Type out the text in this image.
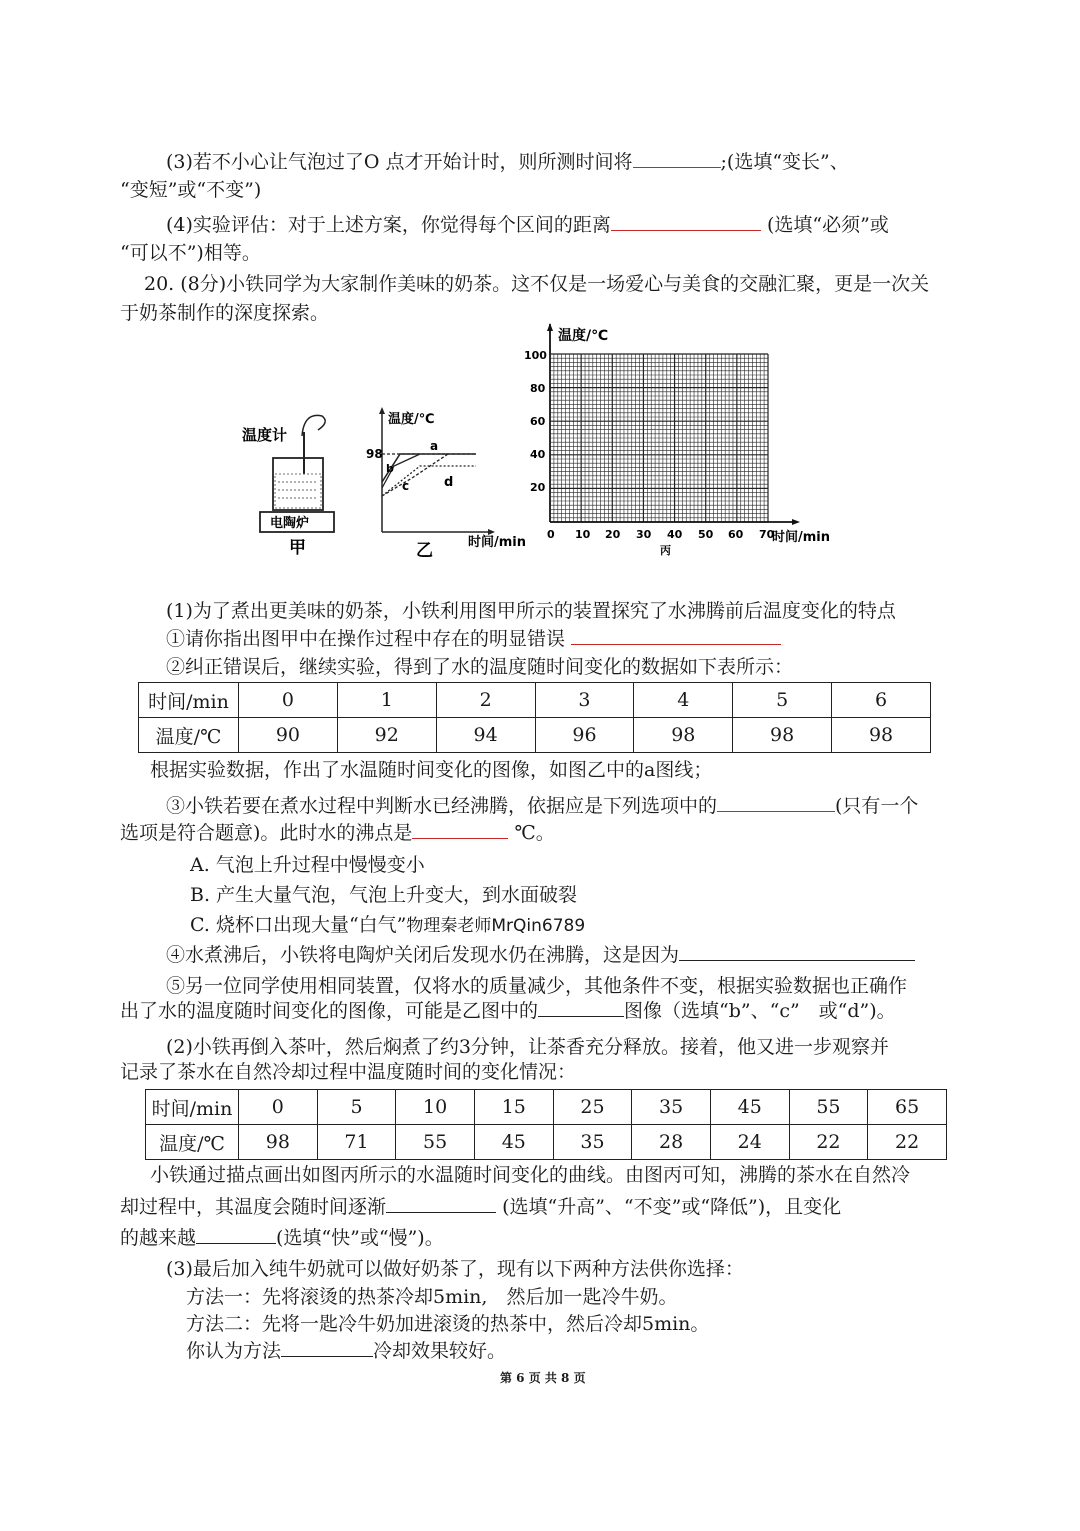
(3)若不小心让气泡过了O 点才开始计时，则所测时间将	;(选填“变长”、
“变短”或“不变”)
(4)实验评估：对于上述方案，你觉得每个区间的距离	(选填“必须”或
“可以不”)相等。
20. (8分)小铁同学为大家制作美味的奶茶。这不仅是一场爱心与美食的交融汇聚，更是一次关
于奶茶制作的深度探索。
温度计
电陶炉
甲
温度/℃
98
a
b
c	d
时间/min
乙
温度/℃
100
80
60
40
20
0 10 20 30 40 50 60 70
时间/min
丙
(1)为了煮出更美味的奶茶，小铁利用图甲所示的装置探究了水沸腾前后温度变化的特点
①请你指出图甲中在操作过程中存在的明显错误
②纠正错误后，继续实验，得到了水的温度随时间变化的数据如下表所示：
时间/min	0	1	2	3	4	5	6
温度/℃	90	92	94	96	98	98	98
根据实验数据，作出了水温随时间变化的图像，如图乙中的a图线；
③小铁若要在煮水过程中判断水已经沸腾，依据应是下列选项中的	(只有一个
选项是符合题意)。此时水的沸点是	℃。
A. 气泡上升过程中慢慢变小
B. 产生大量气泡，气泡上升变大，到水面破裂
C. 烧杯口出现大量“白气”物理秦老师MrQin6789
④水煮沸后，小铁将电陶炉关闭后发现水仍在沸腾，这是因为
⑤另一位同学使用相同装置，仅将水的质量减少，其他条件不变，根据实验数据也正确作
出了水的温度随时间变化的图像，可能是乙图中的	图像（选填“b”、“c”　或“d”)。
(2)小铁再倒入茶叶，然后焖煮了约3分钟，让茶香充分释放。接着，他又进一步观察并
记录了茶水在自然冷却过程中温度随时间的变化情况：
时间/min	0	5	10	15	25	35	45	55	65
温度/℃	98	71	55	45	35	28	24	22	22
小铁通过描点画出如图丙所示的水温随时间变化的曲线。由图丙可知，沸腾的茶水在自然冷
却过程中，其温度会随时间逐渐	(选填“升高”、“不变”或“降低”)，且变化
的越来越	(选填“快”或“慢”)。
(3)最后加入纯牛奶就可以做好奶茶了，现有以下两种方法供你选择：
方法一：先将滚烫的热茶冷却5min,　然后加一匙冷牛奶。
方法二：先将一匙冷牛奶加进滚烫的热茶中，然后冷却5min。
你认为方法	冷却效果较好。
第 6 页 共 8 页
